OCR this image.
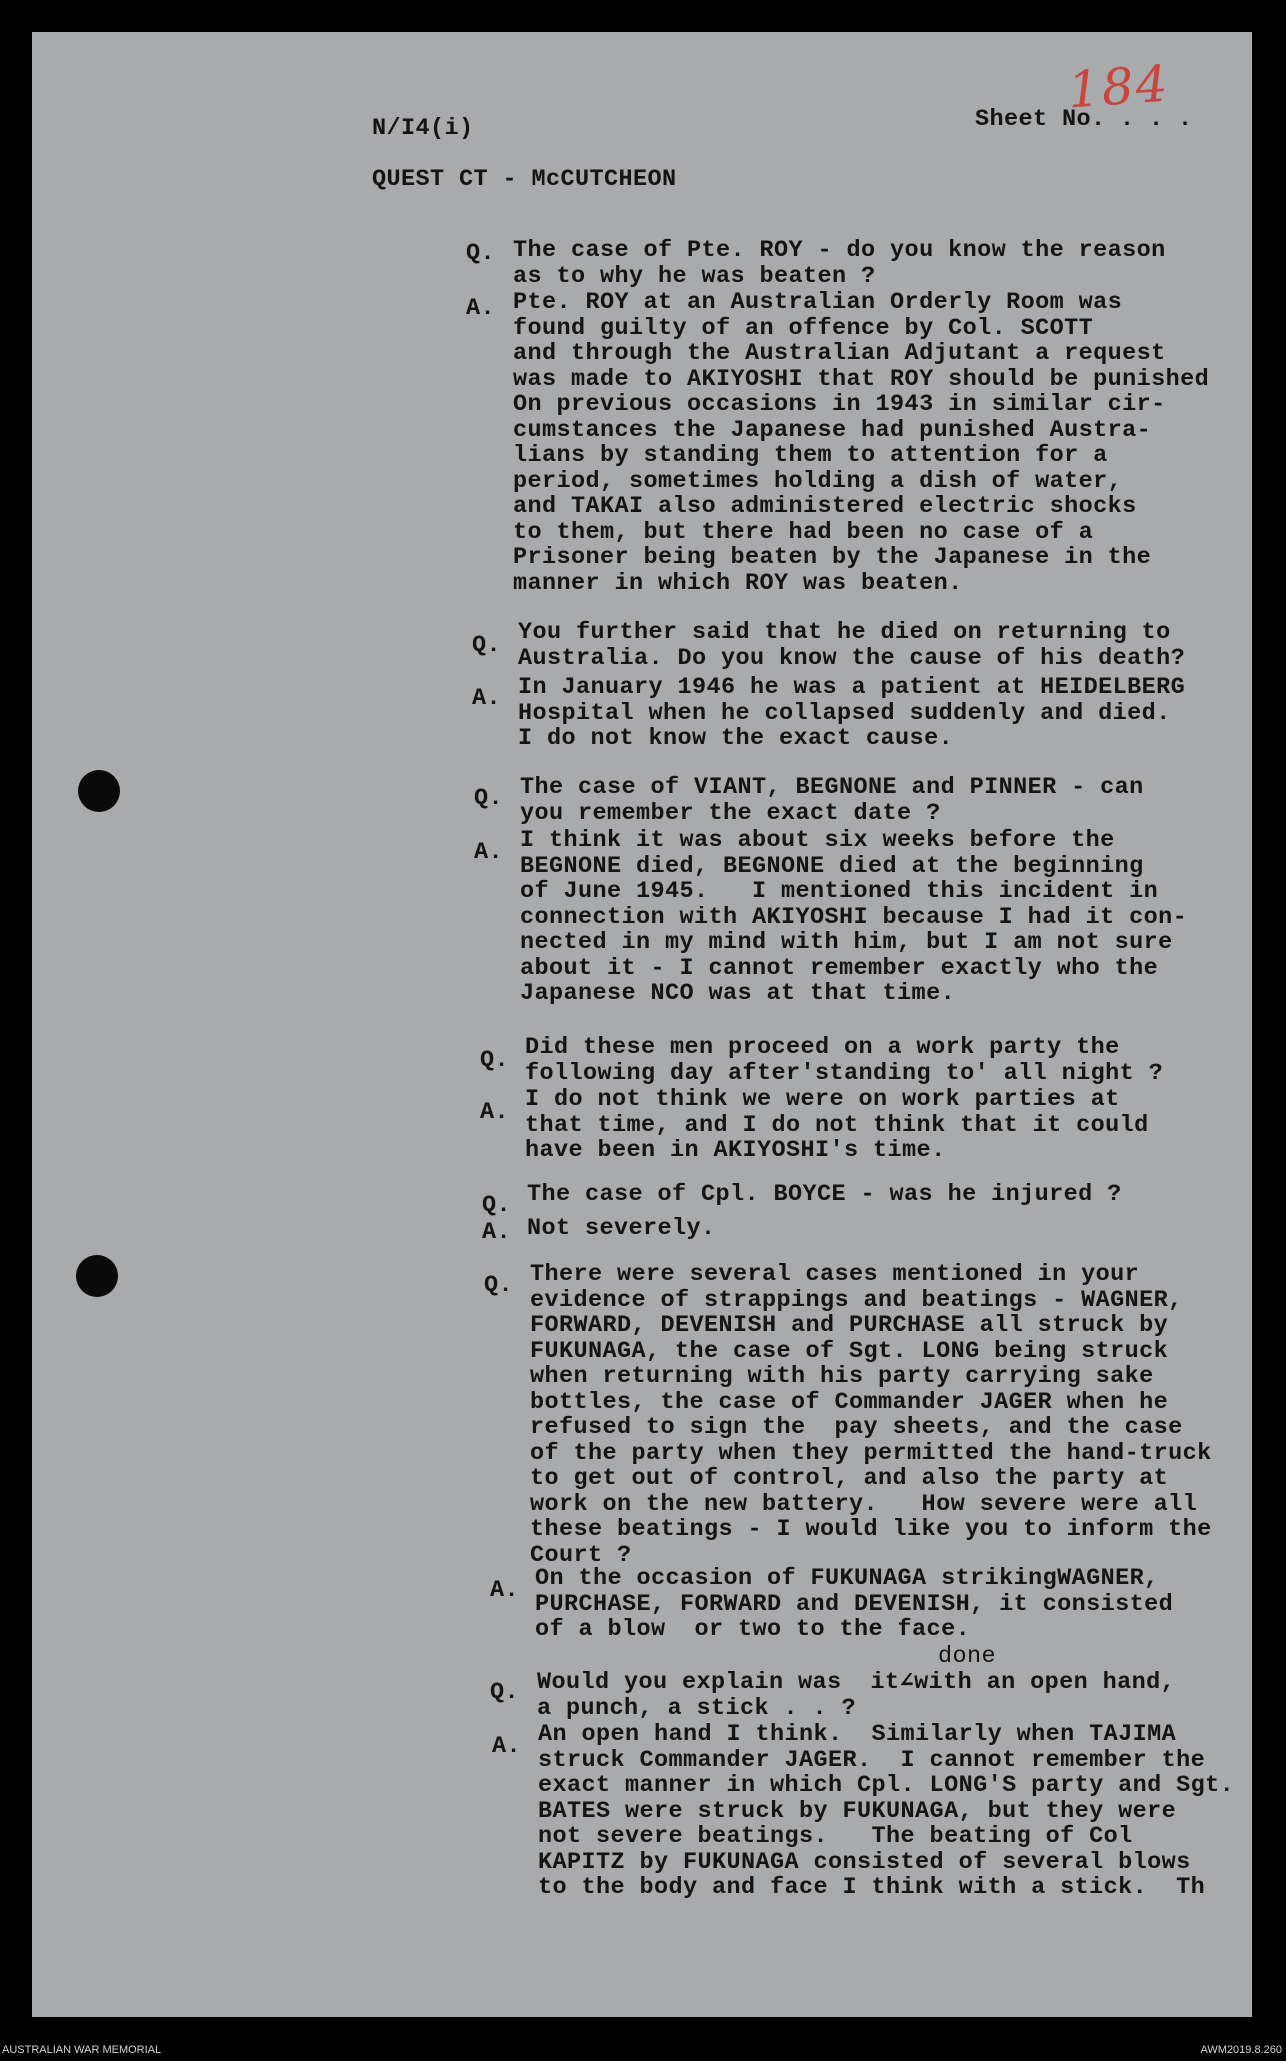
N/I4(i)	Sheet No. . . .
184
QUEST CT - McCUTCHEON
Q. The case of Pte. ROY - do you know the reason
as to why he was beaten ?
A. Pte. ROY at an Australian Orderly Room was
found guilty of an offence by Col. SCOTT
and through the Australian Adjutant a request
was made to AKIYOSHI that ROY should be punished
On previous occasions in 1943 in similar cir-
cumstances the Japanese had punished Austra-
lians by standing them to attention for a
period, sometimes holding a dish of water,
and TAKAI also administered electric shocks
to them, but there had been no case of a
Prisoner being beaten by the Japanese in the
manner in which ROY was beaten.
Q. You further said that he died on returning to
Australia. Do you know the cause of his death?
A. In January 1946 he was a patient at HEIDELBERG
Hospital when he collapsed suddenly and died.
I do not know the exact cause.
Q. The case of VIANT, BEGNONE and PINNER - can
you remember the exact date ?
A. I think it was about six weeks before the
BEGNONE died, BEGNONE died at the beginning
of June 1945.   I mentioned this incident in
connection with AKIYOSHI because I had it con-
nected in my mind with him, but I am not sure
about it - I cannot remember exactly who the
Japanese NCO was at that time.
Q. Did these men proceed on a work party the
following day after'standing to' all night ?
A. I do not think we were on work parties at
that time, and I do not think that it could
have been in AKIYOSHI's time.
Q. The case of Cpl. BOYCE - was he injured ?
A. Not severely.
Q. There were several cases mentioned in your
evidence of strappings and beatings - WAGNER,
FORWARD, DEVENISH and PURCHASE all struck by
FUKUNAGA, the case of Sgt. LONG being struck
when returning with his party carrying sake
bottles, the case of Commander JAGER when he
refused to sign the  pay sheets, and the case
of the party when they permitted the hand-truck
to get out of control, and also the party at
work on the new battery.   How severe were all
these beatings - I would like you to inform the
Court ?
A. On the occasion of FUKUNAGA strikingWAGNER,
PURCHASE, FORWARD and DEVENISH, it consisted
of a blow  or two to the face.
done
Q. Would you explain was  it∠with an open hand,
a punch, a stick . . ?
A. An open hand I think.  Similarly when TAJIMA
struck Commander JAGER.  I cannot remember the
exact manner in which Cpl. LONG'S party and Sgt.
BATES were struck by FUKUNAGA, but they were
not severe beatings.   The beating of Col
KAPITZ by FUKUNAGA consisted of several blows
to the body and face I think with a stick.  Th
AUSTRALIAN WAR MEMORIAL	AWM2019.8.260
